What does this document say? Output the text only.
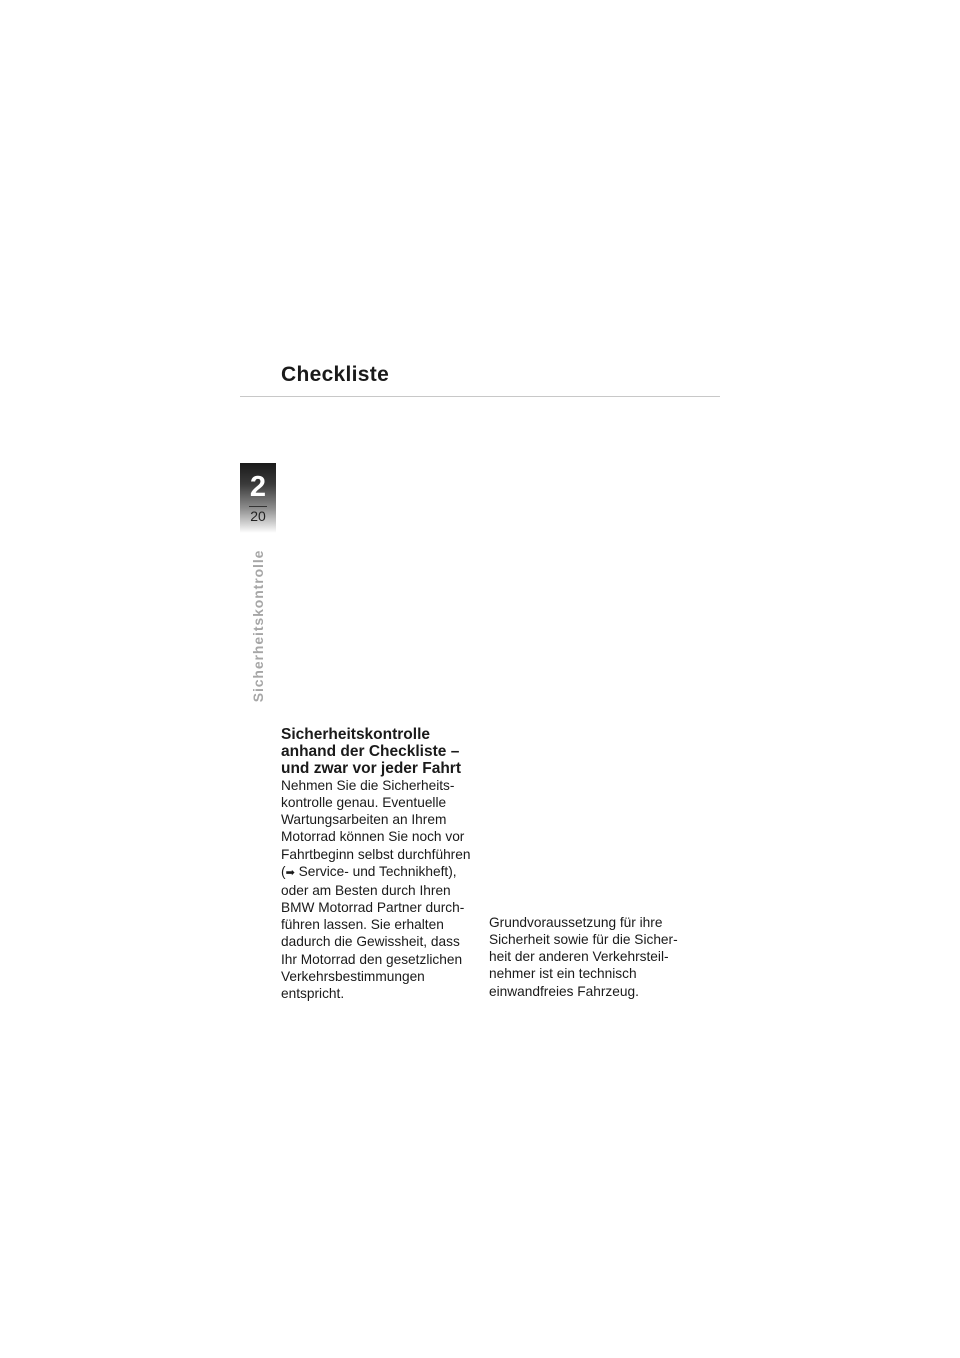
Checkliste
2
20
Sicherheitskontrolle
Sicherheitskontrolle
anhand der Checkliste –
und zwar vor jeder Fahrt

Nehmen Sie die Sicherheits-
kontrolle genau. Eventuelle
Wartungsarbeiten an Ihrem
Motorrad können Sie noch vor
Fahrtbeginn selbst durchführen
(➡ Service- und Technikheft),
oder am Besten durch Ihren
BMW Motorrad Partner durch-
führen lassen. Sie erhalten
dadurch die Gewissheit, dass
Ihr Motorrad den gesetzlichen
Verkehrsbestimmungen
entspricht.

Grundvoraussetzung für ihre
Sicherheit sowie für die Sicher-
heit der anderen Verkehrsteil-
nehmer ist ein technisch
einwandfreies Fahrzeug.
